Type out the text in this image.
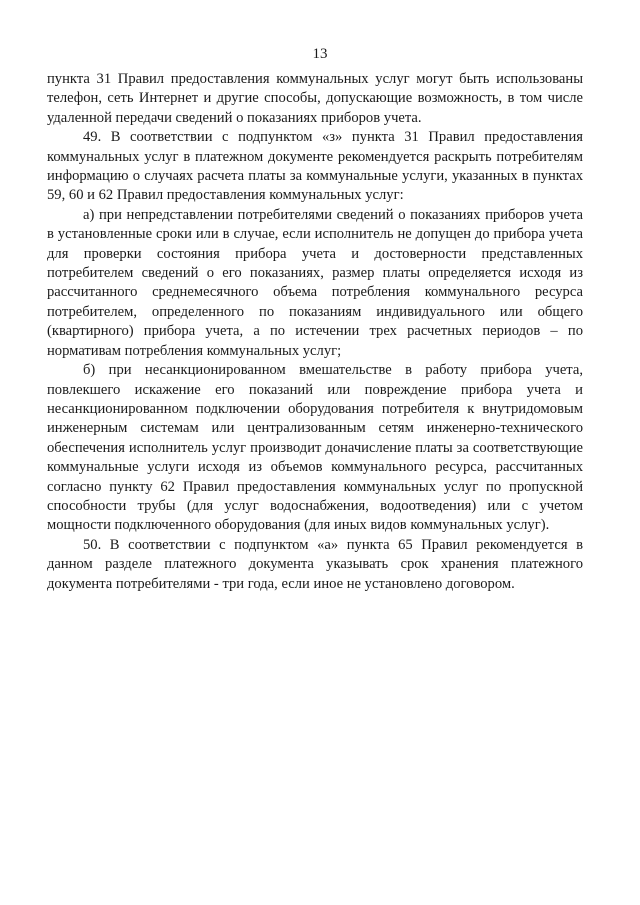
13

пункта 31 Правил предоставления коммунальных услуг могут быть использованы телефон, сеть Интернет и другие способы, допускающие возможность, в том числе удаленной передачи сведений о показаниях приборов учета.

49. В соответствии с подпунктом «з» пункта 31 Правил предоставления коммунальных услуг в платежном документе рекомендуется раскрыть потребителям информацию о случаях расчета платы за коммунальные услуги, указанных в пунктах 59, 60 и 62 Правил предоставления коммунальных услуг:

а) при непредставлении потребителями сведений о показаниях приборов учета в установленные сроки или в случае, если исполнитель не допущен до прибора учета для проверки состояния прибора учета и достоверности представленных потребителем сведений о его показаниях, размер платы определяется исходя из рассчитанного среднемесячного объема потребления коммунального ресурса потребителем, определенного по показаниям индивидуального или общего (квартирного) прибора учета, а по истечении трех расчетных периодов – по нормативам потребления коммунальных услуг;

б) при несанкционированном вмешательстве в работу прибора учета, повлекшего искажение его показаний или повреждение прибора учета и несанкционированном подключении оборудования потребителя к внутридомовым инженерным системам или централизованным сетям инженерно-технического обеспечения исполнитель услуг производит доначисление платы за соответствующие коммунальные услуги исходя из объемов коммунального ресурса, рассчитанных согласно пункту 62 Правил предоставления коммунальных услуг по пропускной способности трубы (для услуг водоснабжения, водоотведения) или с учетом мощности подключенного оборудования (для иных видов коммунальных услуг).

50. В соответствии с подпунктом «а» пункта 65 Правил рекомендуется в данном разделе платежного документа указывать срок хранения платежного документа потребителями - три года, если иное не установлено договором.
